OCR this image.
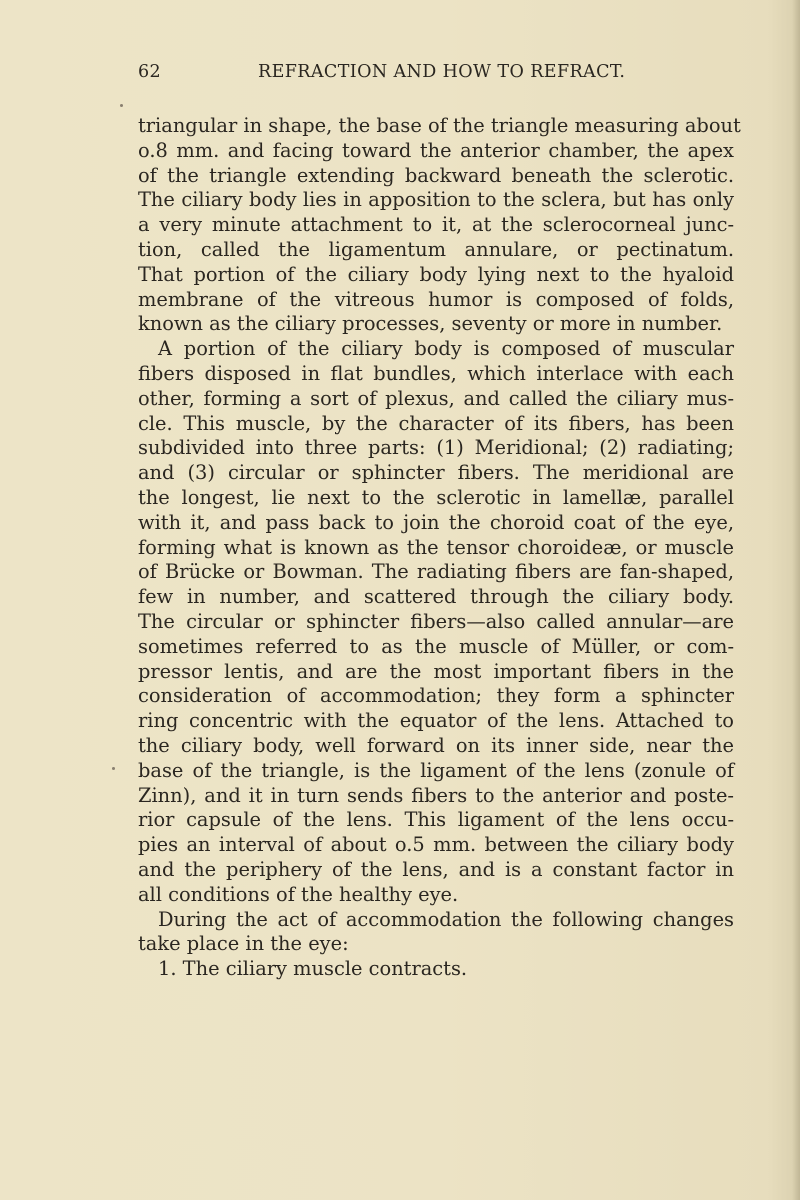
62	REFRACTION AND HOW TO REFRACT.
triangular in shape, the base of the triangle measuring about
o.8 mm. and facing toward the anterior chamber, the apex
of the triangle extending backward beneath the sclerotic.
The ciliary body lies in apposition to the sclera, but has only
a very minute attachment to it, at the sclerocorneal junc-
tion, called the ligamentum annulare, or pectinatum.
That portion of the ciliary body lying next to the hyaloid
membrane of the vitreous humor is composed of folds,
known as the ciliary processes, seventy or more in number.
A portion of the ciliary body is composed of muscular
fibers disposed in flat bundles, which interlace with each
other, forming a sort of plexus, and called the ciliary mus-
cle. This muscle, by the character of its fibers, has been
subdivided into three parts: (1) Meridional; (2) radiating;
and (3) circular or sphincter fibers. The meridional are
the longest, lie next to the sclerotic in lamellæ, parallel
with it, and pass back to join the choroid coat of the eye,
forming what is known as the tensor choroideæ, or muscle
of Brücke or Bowman. The radiating fibers are fan-shaped,
few in number, and scattered through the ciliary body.
The circular or sphincter fibers—also called annular—are
sometimes referred to as the muscle of Müller, or com-
pressor lentis, and are the most important fibers in the
consideration of accommodation; they form a sphincter
ring concentric with the equator of the lens. Attached to
the ciliary body, well forward on its inner side, near the
base of the triangle, is the ligament of the lens (zonule of
Zinn), and it in turn sends fibers to the anterior and poste-
rior capsule of the lens. This ligament of the lens occu-
pies an interval of about o.5 mm. between the ciliary body
and the periphery of the lens, and is a constant factor in
all conditions of the healthy eye.
During the act of accommodation the following changes
take place in the eye:
1. The ciliary muscle contracts.
